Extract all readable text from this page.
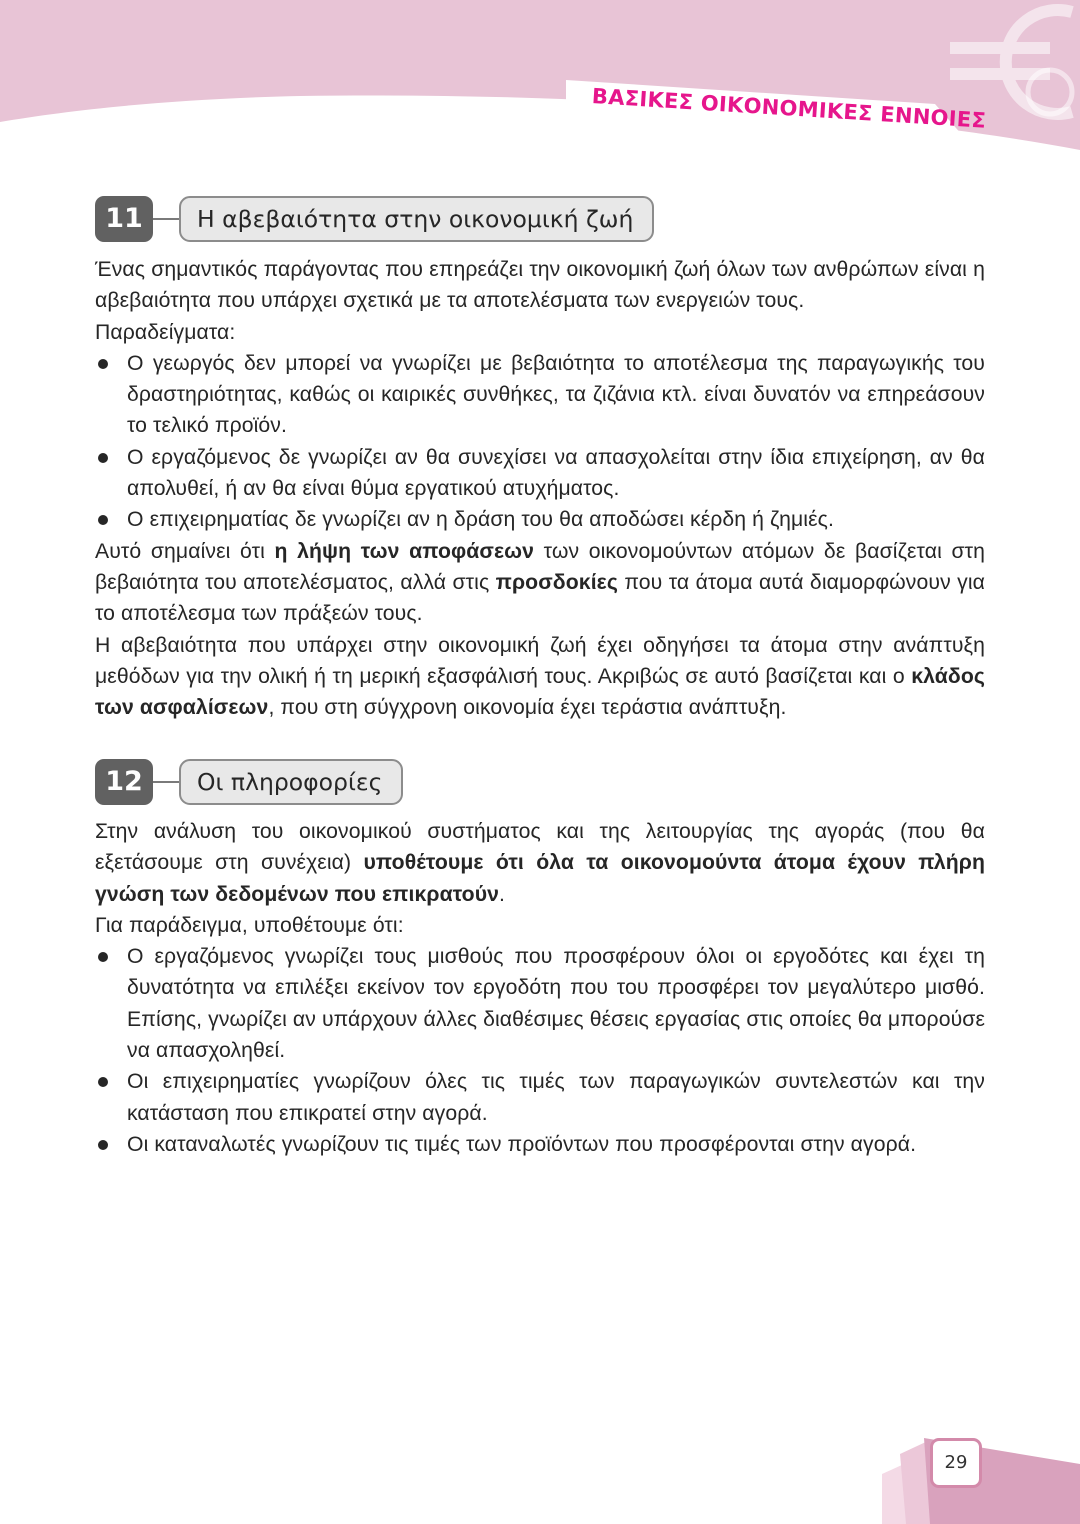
ΒΑΣΙΚΕΣ ΟΙΚΟΝΟΜΙΚΕΣ ΕΝΝΟΙΕΣ
11	Η αβεβαιότητα στην οικονομική ζωή

Ένας σημαντικός παράγοντας που επηρεάζει την οικονομική ζωή όλων των ανθρώπων είναι η αβεβαιότητα που υπάρχει σχετικά με τα αποτελέσματα των ενεργειών τους.

Παραδείγματα:

Ο γεωργός δεν μπορεί να γνωρίζει με βεβαιότητα το αποτέλεσμα της παραγωγικής του δραστηριότητας, καθώς οι καιρικές συνθήκες, τα ζιζάνια κτλ. είναι δυνατόν να επηρεάσουν το τελικό προϊόν.
Ο εργαζόμενος δε γνωρίζει αν θα συνεχίσει να απασχολείται στην ίδια επιχείρηση, αν θα απολυθεί, ή αν θα είναι θύμα εργατικού ατυχήματος.
Ο επιχειρηματίας δε γνωρίζει αν η δράση του θα αποδώσει κέρδη ή ζημιές.

Αυτό σημαίνει ότι η λήψη των αποφάσεων των οικονομούντων ατόμων δε βασίζεται στη βεβαιότητα του αποτελέσματος, αλλά στις προσδοκίες που τα άτομα αυτά διαμορφώνουν για το αποτέλεσμα των πράξεών τους.

Η αβεβαιότητα που υπάρχει στην οικονομική ζωή έχει οδηγήσει τα άτομα στην ανάπτυξη μεθόδων για την ολική ή τη μερική εξασφάλισή τους. Ακριβώς σε αυτό βασίζεται και ο κλάδος των ασφαλίσεων, που στη σύγχρονη οικονομία έχει τεράστια ανάπτυξη.

12	Οι πληροφορίες

Στην ανάλυση του οικονομικού συστήματος και της λειτουργίας της αγοράς (που θα εξετάσουμε στη συνέχεια) υποθέτουμε ότι όλα τα οικονομούντα άτομα έχουν πλήρη γνώση των δεδομένων που επικρατούν.

Για παράδειγμα, υποθέτουμε ότι:

Ο εργαζόμενος γνωρίζει τους μισθούς που προσφέρουν όλοι οι εργοδότες και έχει τη δυνατότητα να επιλέξει εκείνον τον εργοδότη που του προσφέρει τον μεγαλύτερο μισθό. Επίσης, γνωρίζει αν υπάρχουν άλλες διαθέσιμες θέσεις εργασίας στις οποίες θα μπορούσε να απασχοληθεί.
Οι επιχειρηματίες γνωρίζουν όλες τις τιμές των παραγωγικών συντελεστών και την κατάσταση που επικρατεί στην αγορά.
Οι καταναλωτές γνωρίζουν τις τιμές των προϊόντων που προσφέρονται στην αγορά.
29
